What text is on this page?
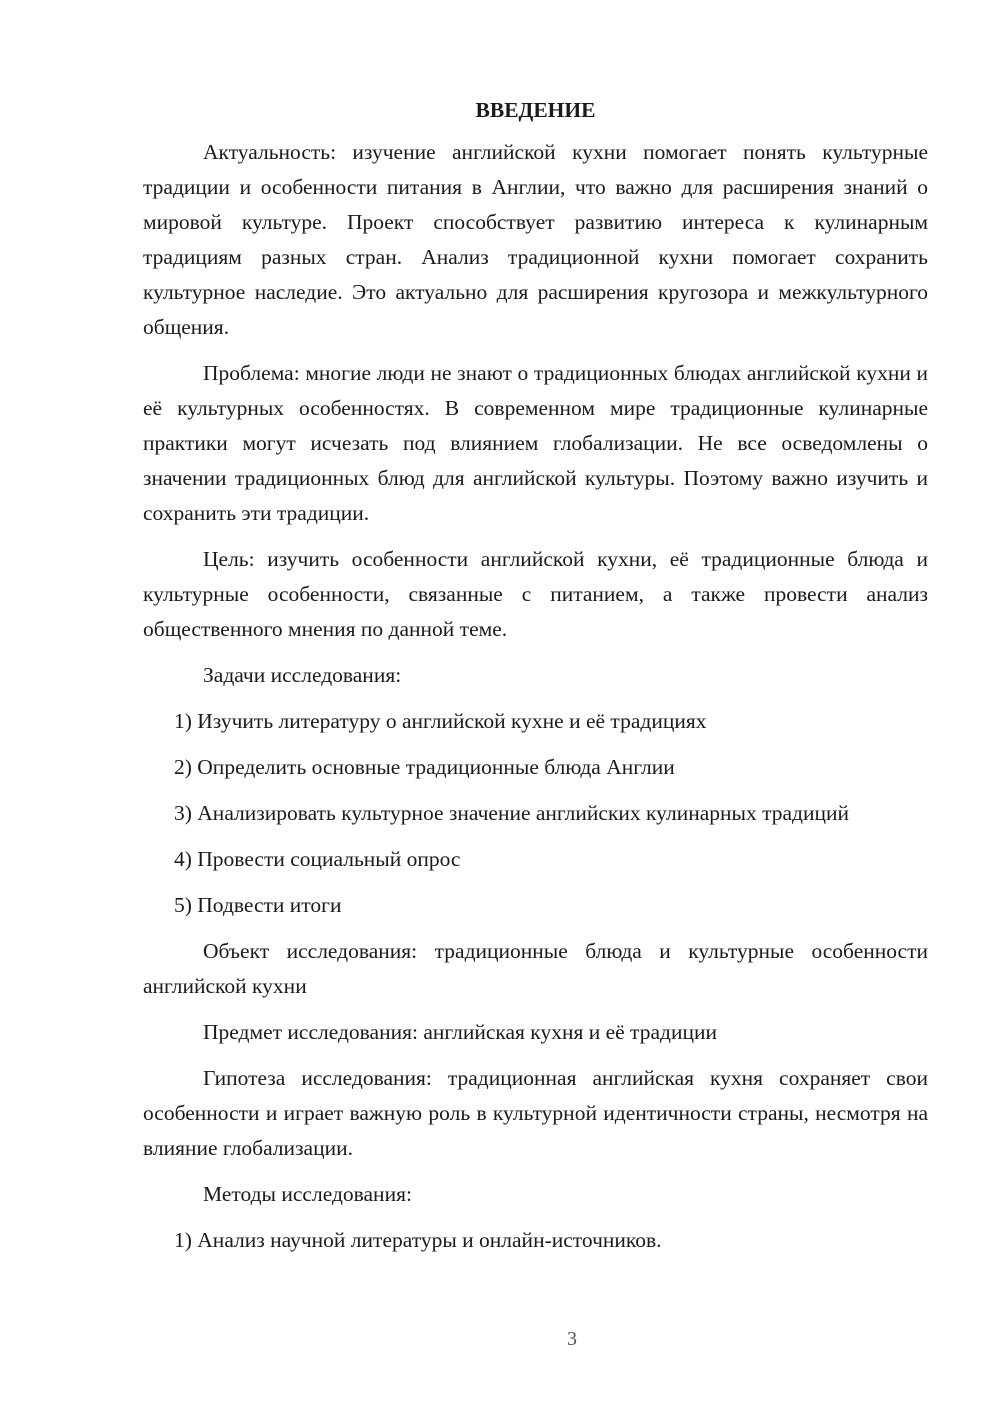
ВВЕДЕНИЕ

Актуальность: изучение английской кухни помогает понять культурные традиции и особенности питания в Англии, что важно для расширения знаний о мировой культуре. Проект способствует развитию интереса к кулинарным традициям разных стран. Анализ традиционной кухни помогает сохранить культурное наследие. Это актуально для расширения кругозора и межкультурного общения.

Проблема: многие люди не знают о традиционных блюдах английской кухни и её культурных особенностях. В современном мире традиционные кулинарные практики могут исчезать под влиянием глобализации. Не все осведомлены о значении традиционных блюд для английской культуры. Поэтому важно изучить и сохранить эти традиции.

Цель: изучить особенности английской кухни, её традиционные блюда и культурные особенности, связанные с питанием, а также провести анализ общественного мнения по данной теме.

Задачи исследования:

1) Изучить литературу о английской кухне и её традициях

2) Определить основные традиционные блюда Англии

3) Анализировать культурное значение английских кулинарных традиций

4) Провести социальный опрос

5) Подвести итоги

Объект исследования: традиционные блюда и культурные особенности английской кухни

Предмет исследования: английская кухня и её традиции

Гипотеза исследования: традиционная английская кухня сохраняет свои особенности и играет важную роль в культурной идентичности страны, несмотря на влияние глобализации.

Методы исследования:

1) Анализ научной литературы и онлайн-источников.

3
